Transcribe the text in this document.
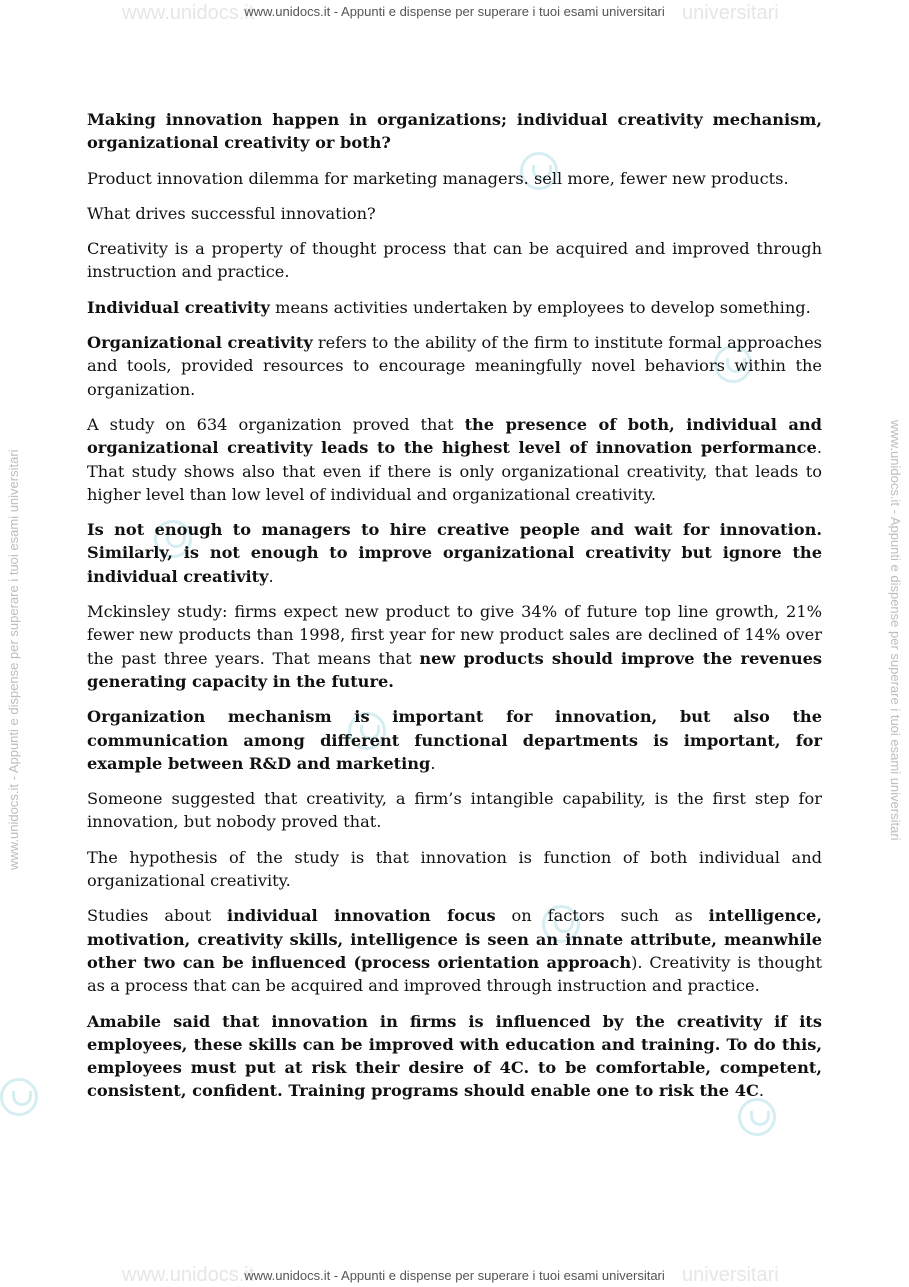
www.unidocs.it	universitari
www.unidocs.it	universitari
www.unidocs.it - Appunti e dispense per superare i tuoi esami universitari
www.unidocs.it - Appunti e dispense per superare i tuoi esami universitari
www.unidocs.it - Appunti e dispense per superare i tuoi esami universitari	www.unidocs.it - Appunti e dispense per superare i tuoi esami universitari

Making innovation happen in organizations; individual creativity mechanism, organizational creativity or both?

Product innovation dilemma for marketing managers. sell more, fewer new products.

What drives successful innovation?

Creativity is a property of thought process that can be acquired and improved through instruction and practice.

Individual creativity means activities undertaken by employees to develop something.

Organizational creativity refers to the ability of the firm to institute formal approaches and tools, provided resources to encourage meaningfully novel behaviors within the organization.

A study on 634 organization proved that the presence of both, individual and organizational creativity leads to the highest level of innovation performance. That study shows also that even if there is only organizational creativity, that leads to higher level than low level of individual and organizational creativity.

Is not enough to managers to hire creative people and wait for innovation. Similarly, is not enough to improve organizational creativity but ignore the individual creativity.

Mckinsley study: firms expect new product to give 34% of future top line growth, 21% fewer new products than 1998, first year for new product sales are declined of 14% over the past three years. That means that new products should improve the revenues generating capacity in the future.

Organization mechanism is important for innovation, but also the communication among different functional departments is important, for example between R&D and marketing.

Someone suggested that creativity, a firm’s intangible capability, is the first step for innovation, but nobody proved that.

The hypothesis of the study is that innovation is function of both individual and organizational creativity.

Studies about individual innovation focus on factors such as intelligence, motivation, creativity skills, intelligence is seen an innate attribute, meanwhile other two can be influenced (process orientation approach). Creativity is thought as a process that can be acquired and improved through instruction and practice.

Amabile said that innovation in firms is influenced by the creativity if its employees, these skills can be improved with education and training. To do this, employees must put at risk their desire of 4C. to be comfortable, competent, consistent, confident. Training programs should enable one to risk the 4C.
